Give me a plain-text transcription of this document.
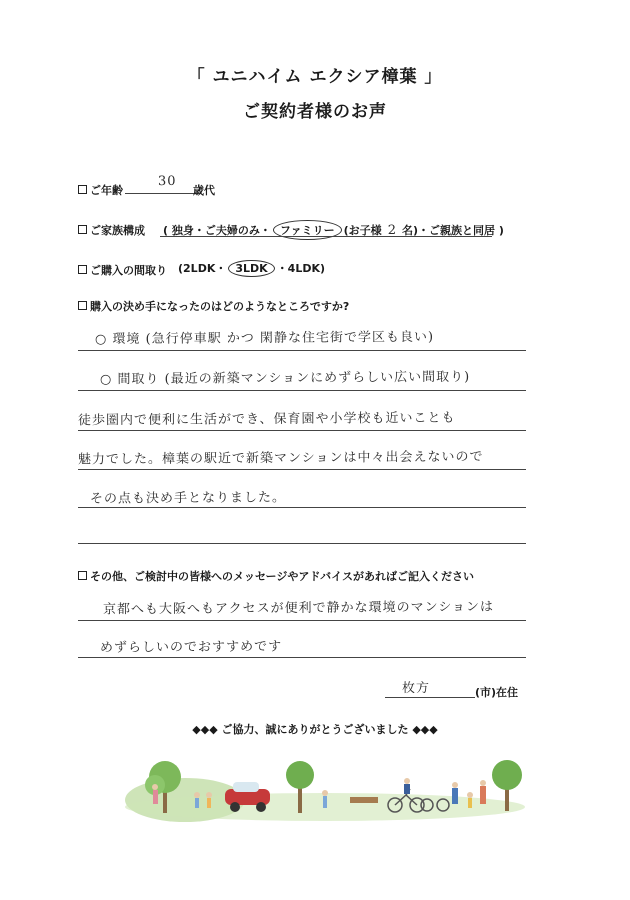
「 ユニハイム エクシア樟葉 」
ご契約者様のお声
ご年齢
30
歳代
ご家族構成 ( 独身・ご夫婦のみ・ ファミリー (お子様 2 名)・ご親族と同居 )
ご購入の間取り (2LDK・ 3LDK ・4LDK)
購入の決め手になったのはどのようなところですか?
○ 環境 (急行停車駅 かつ 閑静な住宅街で学区も良い)
○ 間取り (最近の新築マンションにめずらしい広い間取り)
徒歩圏内で便利に生活ができ、保育園や小学校も近いことも
魅力でした。樟葉の駅近で新築マンションは中々出会えないので
その点も決め手となりました。
その他、ご検討中の皆様へのメッセージやアドバイスがあればご記入ください
京都へも大阪へもアクセスが便利で静かな環境のマンションは
めずらしいのでおすすめです
枚方	(市)在住
◆◆◆ ご協力、誠にありがとうございました ◆◆◆
